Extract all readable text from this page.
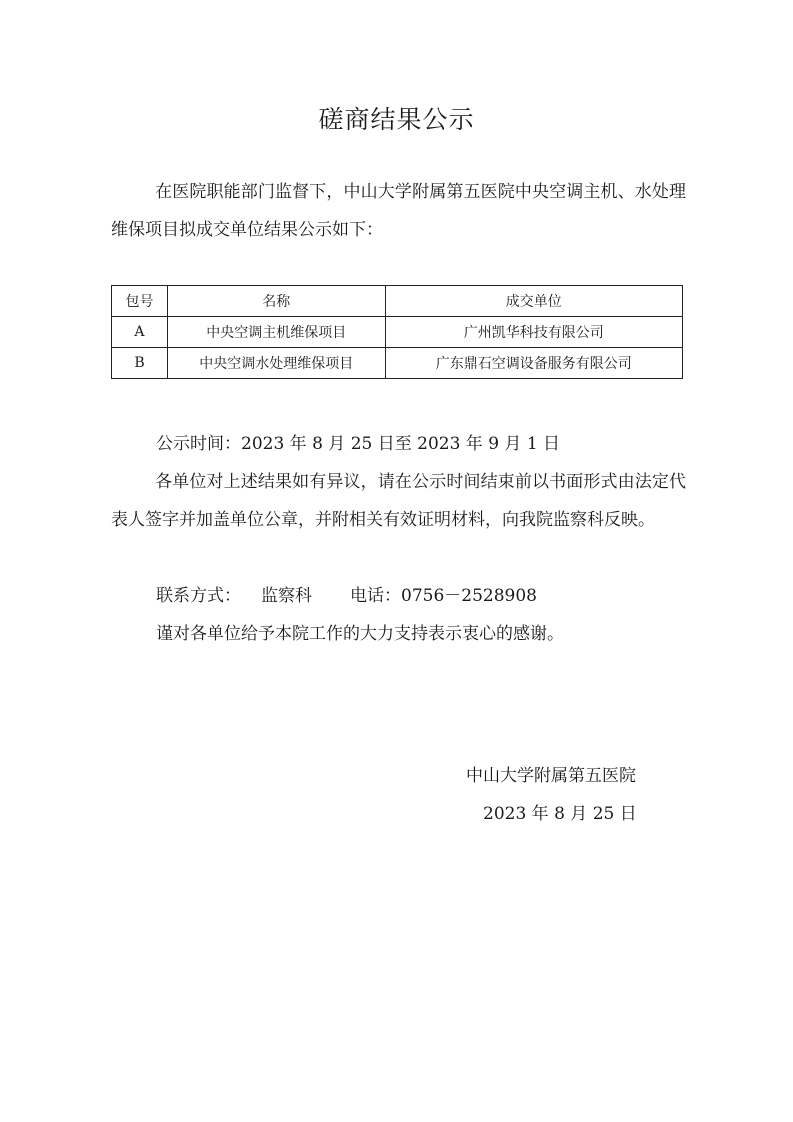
磋商结果公示
在医院职能部门监督下，中山大学附属第五医院中央空调主机、水处理维保项目拟成交单位结果公示如下：
包号	名称	成交单位
A	中央空调主机维保项目	广州凯华科技有限公司
B	中央空调水处理维保项目	广东鼎石空调设备服务有限公司
公示时间：2023 年 8 月 25 日至 2023 年 9 月 1 日
各单位对上述结果如有异议，请在公示时间结束前以书面形式由法定代表人签字并加盖单位公章，并附相关有效证明材料，向我院监察科反映。
联系方式： 监察科 电话：0756－2528908
谨对各单位给予本院工作的大力支持表示衷心的感谢。
中山大学附属第五医院
2023 年 8 月 25 日
